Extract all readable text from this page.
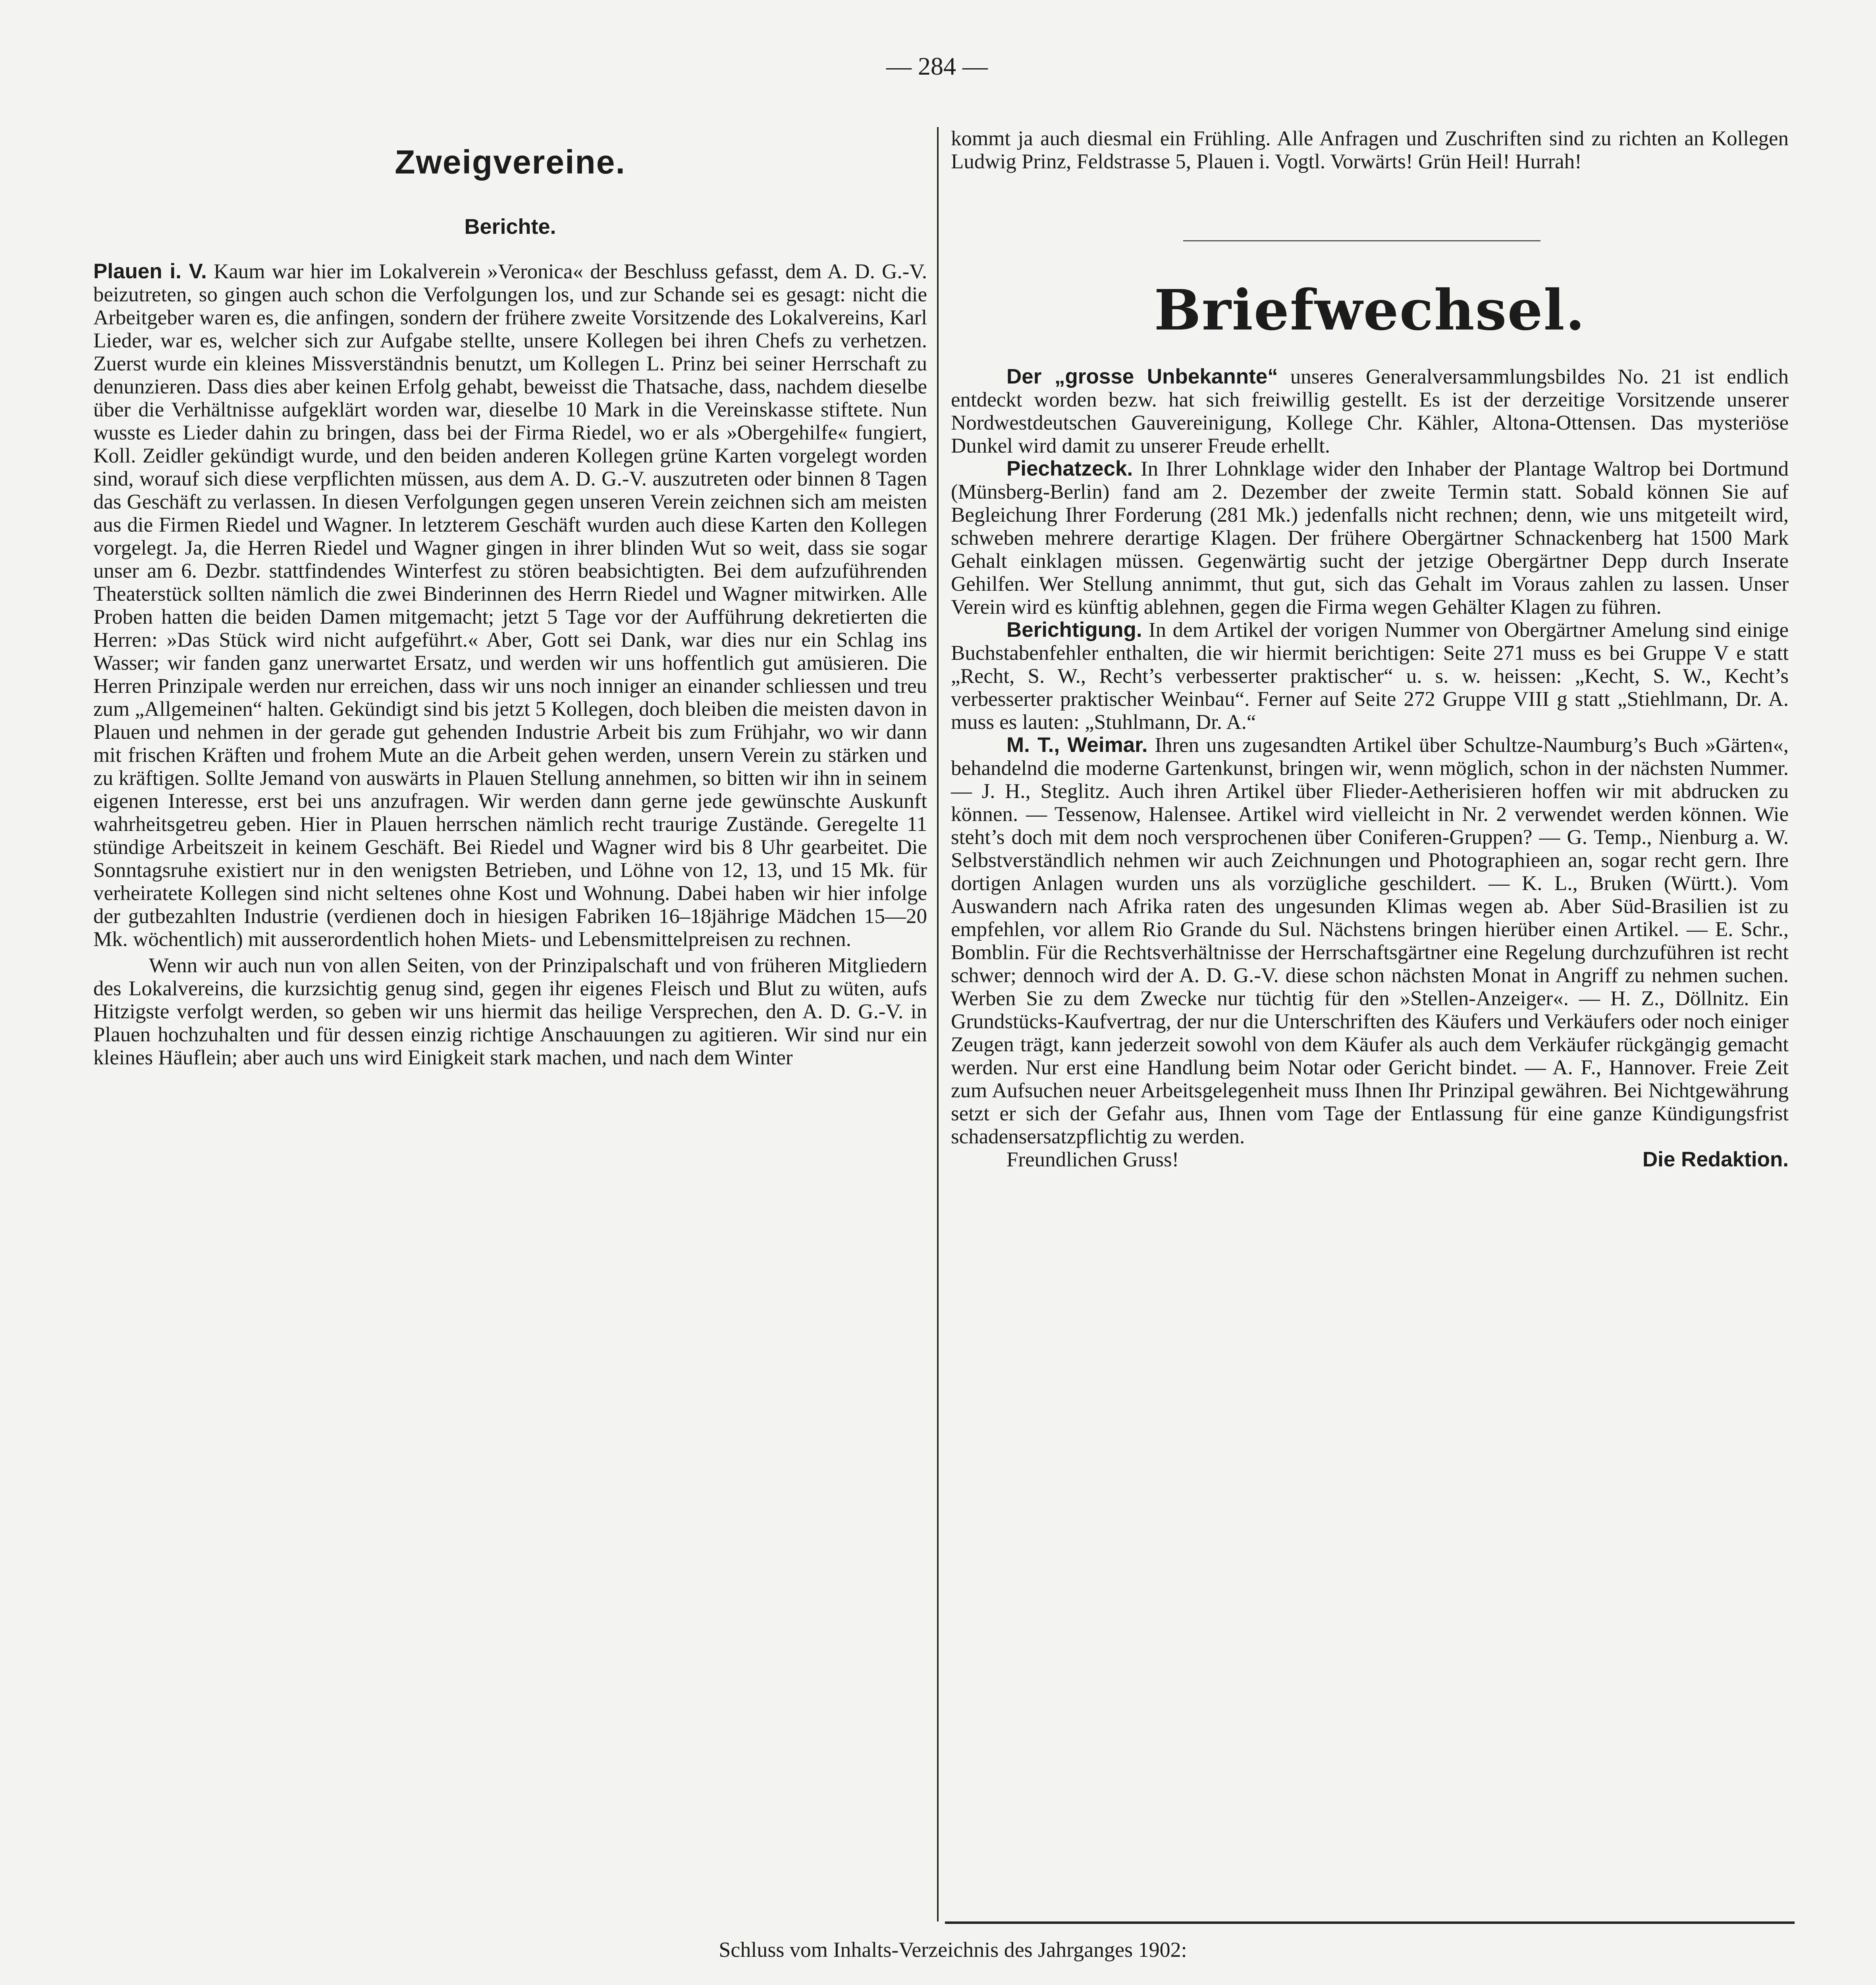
— 284 —
Zweigvereine.
Berichte.

Plauen i. V. Kaum war hier im Lokalverein »Veronica« der Beschluss gefasst, dem A. D. G.-V. beizutreten, so gingen auch schon die Verfolgungen los, und zur Schande sei es gesagt: nicht die Arbeitgeber waren es, die anfingen, sondern der frühere zweite Vorsitzende des Lokalvereins, Karl Lieder, war es, welcher sich zur Aufgabe stellte, unsere Kollegen bei ihren Chefs zu verhetzen. Zuerst wurde ein kleines Missverständnis benutzt, um Kollegen L. Prinz bei seiner Herrschaft zu denunzieren. Dass dies aber keinen Erfolg gehabt, beweisst die Thatsache, dass, nachdem dieselbe über die Verhältnisse aufgeklärt worden war, dieselbe 10 Mark in die Vereinskasse stiftete. Nun wusste es Lieder dahin zu bringen, dass bei der Firma Riedel, wo er als »Obergehilfe« fungiert, Koll. Zeidler gekündigt wurde, und den beiden anderen Kollegen grüne Karten vorgelegt worden sind, worauf sich diese verpflichten müssen, aus dem A. D. G.-V. auszutreten oder binnen 8 Tagen das Geschäft zu verlassen. In diesen Verfolgungen gegen unseren Verein zeichnen sich am meisten aus die Firmen Riedel und Wagner. In letzterem Geschäft wurden auch diese Karten den Kollegen vorgelegt. Ja, die Herren Riedel und Wagner gingen in ihrer blinden Wut so weit, dass sie sogar unser am 6. Dezbr. stattfindendes Winterfest zu stören beabsichtigten. Bei dem aufzuführenden Theaterstück sollten nämlich die zwei Binderinnen des Herrn Riedel und Wagner mitwirken. Alle Proben hatten die beiden Damen mitgemacht; jetzt 5 Tage vor der Aufführung dekretierten die Herren: »Das Stück wird nicht aufgeführt.« Aber, Gott sei Dank, war dies nur ein Schlag ins Wasser; wir fanden ganz unerwartet Ersatz, und werden wir uns hoffentlich gut amüsieren. Die Herren Prinzipale werden nur erreichen, dass wir uns noch inniger an einander schliessen und treu zum „Allgemeinen“ halten. Gekündigt sind bis jetzt 5 Kollegen, doch bleiben die meisten davon in Plauen und nehmen in der gerade gut gehenden Industrie Arbeit bis zum Frühjahr, wo wir dann mit frischen Kräften und frohem Mute an die Arbeit gehen werden, unsern Verein zu stärken und zu kräftigen. Sollte Jemand von auswärts in Plauen Stellung annehmen, so bitten wir ihn in seinem eigenen Interesse, erst bei uns anzufragen. Wir werden dann gerne jede gewünschte Auskunft wahrheitsgetreu geben. Hier in Plauen herrschen nämlich recht traurige Zustände. Geregelte 11 stündige Arbeitszeit in keinem Geschäft. Bei Riedel und Wagner wird bis 8 Uhr gearbeitet. Die Sonntagsruhe existiert nur in den wenigsten Betrieben, und Löhne von 12, 13, und 15 Mk. für verheiratete Kollegen sind nicht seltenes ohne Kost und Wohnung. Dabei haben wir hier infolge der gutbezahlten Industrie (verdienen doch in hiesigen Fabriken 16–18jährige Mädchen 15—20 Mk. wöchentlich) mit ausserordentlich hohen Miets- und Lebensmittelpreisen zu rechnen.

Wenn wir auch nun von allen Seiten, von der Prinzipalschaft und von früheren Mitgliedern des Lokalvereins, die kurzsichtig genug sind, gegen ihr eigenes Fleisch und Blut zu wüten, aufs Hitzigste verfolgt werden, so geben wir uns hiermit das heilige Versprechen, den A. D. G.-V. in Plauen hochzuhalten und für dessen einzig richtige Anschauungen zu agitieren. Wir sind nur ein kleines Häuflein; aber auch uns wird Einigkeit stark machen, und nach dem Winter

kommt ja auch diesmal ein Frühling. Alle Anfragen und Zuschriften sind zu richten an Kollegen Ludwig Prinz, Feldstrasse 5, Plauen i. Vogtl. Vorwärts! Grün Heil! Hurrah!
Briefwechsel.

Der „grosse Unbekannte“ unseres Generalversammlungsbildes No. 21 ist endlich entdeckt worden bezw. hat sich freiwillig gestellt. Es ist der derzeitige Vorsitzende unserer Nordwestdeutschen Gauvereinigung, Kollege Chr. Kähler, Altona-Ottensen. Das mysteriöse Dunkel wird damit zu unserer Freude erhellt.

Piechatzeck. In Ihrer Lohnklage wider den Inhaber der Plantage Waltrop bei Dortmund (Münsberg-Berlin) fand am 2. Dezember der zweite Termin statt. Sobald können Sie auf Begleichung Ihrer Forderung (281 Mk.) jedenfalls nicht rechnen; denn, wie uns mitgeteilt wird, schweben mehrere derartige Klagen. Der frühere Obergärtner Schnackenberg hat 1500 Mark Gehalt einklagen müssen. Gegenwärtig sucht der jetzige Obergärtner Depp durch Inserate Gehilfen. Wer Stellung annimmt, thut gut, sich das Gehalt im Voraus zahlen zu lassen. Unser Verein wird es künftig ablehnen, gegen die Firma wegen Gehälter Klagen zu führen.

Berichtigung. In dem Artikel der vorigen Nummer von Obergärtner Amelung sind einige Buchstabenfehler enthalten, die wir hiermit berichtigen: Seite 271 muss es bei Gruppe V e statt „Recht, S. W., Recht’s verbesserter praktischer“ u. s. w. heissen: „Kecht, S. W., Kecht’s verbesserter praktischer Weinbau“. Ferner auf Seite 272 Gruppe VIII g statt „Stiehlmann, Dr. A. muss es lauten: „Stuhlmann, Dr. A.“

M. T., Weimar. Ihren uns zugesandten Artikel über Schultze-Naumburg’s Buch »Gärten«, behandelnd die moderne Gartenkunst, bringen wir, wenn möglich, schon in der nächsten Nummer. — J. H., Steglitz. Auch ihren Artikel über Flieder-Aetherisieren hoffen wir mit abdrucken zu können. — Tessenow, Halensee. Artikel wird vielleicht in Nr. 2 verwendet werden können. Wie steht’s doch mit dem noch versprochenen über Coniferen-Gruppen? — G. Temp., Nienburg a. W. Selbstverständlich nehmen wir auch Zeichnungen und Photographieen an, sogar recht gern. Ihre dortigen Anlagen wurden uns als vorzügliche geschildert. — K. L., Bruken (Württ.). Vom Auswandern nach Afrika raten des ungesunden Klimas wegen ab. Aber Süd-Brasilien ist zu empfehlen, vor allem Rio Grande du Sul. Nächstens bringen hierüber einen Artikel. — E. Schr., Bomblin. Für die Rechtsverhältnisse der Herrschaftsgärtner eine Regelung durchzuführen ist recht schwer; dennoch wird der A. D. G.-V. diese schon nächsten Monat in Angriff zu nehmen suchen. Werben Sie zu dem Zwecke nur tüchtig für den »Stellen-Anzeiger«. — H. Z., Döllnitz. Ein Grundstücks-Kaufvertrag, der nur die Unterschriften des Käufers und Verkäufers oder noch einiger Zeugen trägt, kann jederzeit sowohl von dem Käufer als auch dem Verkäufer rückgängig gemacht werden. Nur erst eine Handlung beim Notar oder Gericht bindet. — A. F., Hannover. Freie Zeit zum Aufsuchen neuer Arbeitsgelegenheit muss Ihnen Ihr Prinzipal gewähren. Bei Nichtgewährung setzt er sich der Gefahr aus, Ihnen vom Tage der Entlassung für eine ganze Kündigungsfrist schadensersatzpflichtig zu werden.

Freundlichen Gruss!	Die Redaktion.
Schluss vom Inhalts-Verzeichnis des Jahrganges 1902:
